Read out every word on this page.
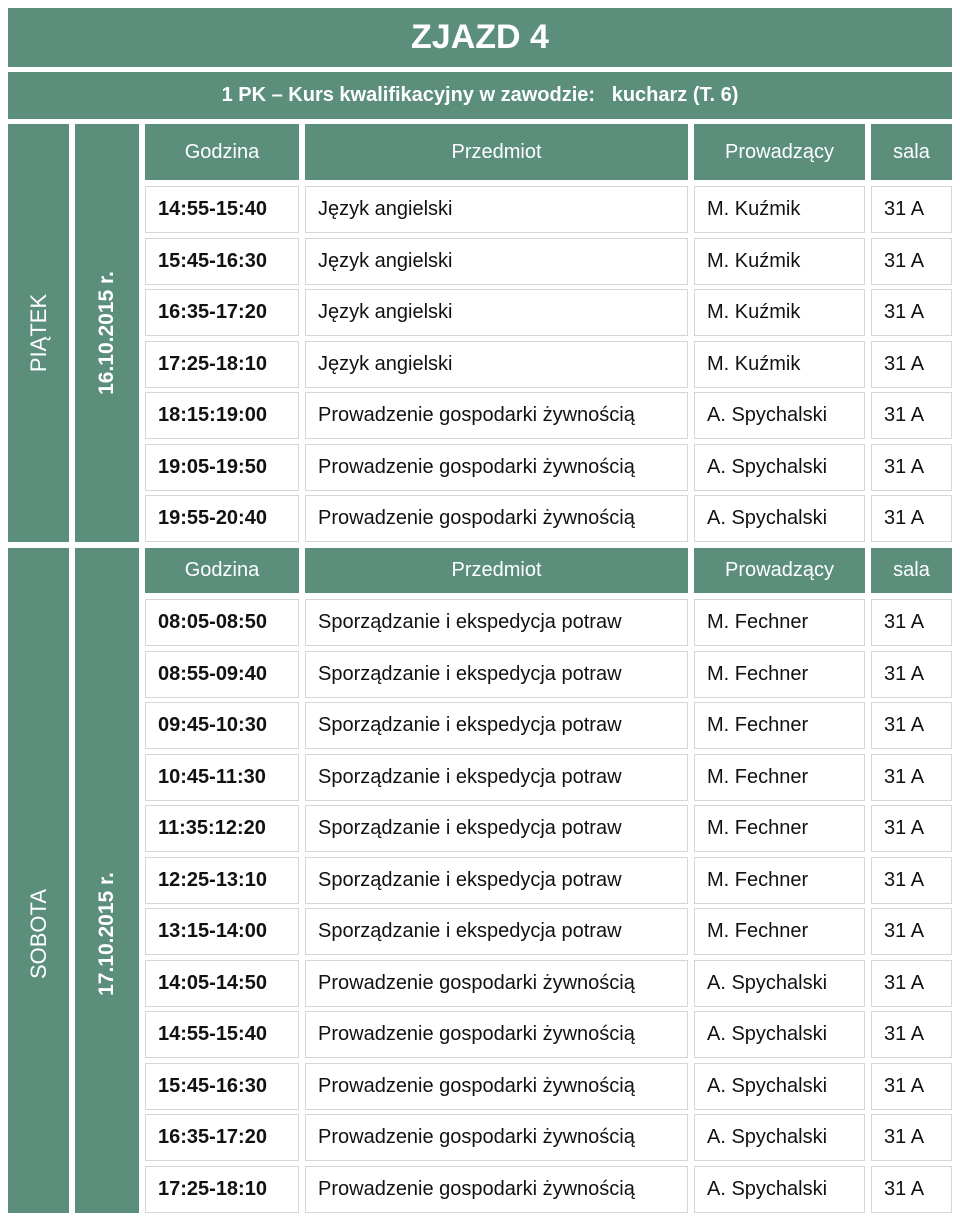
ZJAZD 4
1 PK – Kurs kwalifikacyjny w zawodzie:   kucharz (T. 6)
PIĄTEK 16.10.2015 r.
SOBOTA 17.10.2015 r.
Godzina	Przedmiot	Prowadzący	sala
Godzina	Przedmiot	Prowadzący	sala
14:55-15:40	Język angielski	M. Kuźmik	31 A
15:45-16:30	Język angielski	M. Kuźmik	31 A
16:35-17:20	Język angielski	M. Kuźmik	31 A
17:25-18:10	Język angielski	M. Kuźmik	31 A
18:15:19:00	Prowadzenie gospodarki żywnością	A. Spychalski	31 A
19:05-19:50	Prowadzenie gospodarki żywnością	A. Spychalski	31 A
19:55-20:40	Prowadzenie gospodarki żywnością	A. Spychalski	31 A
08:05-08:50	Sporządzanie i ekspedycja potraw	M. Fechner	31 A
08:55-09:40	Sporządzanie i ekspedycja potraw	M. Fechner	31 A
09:45-10:30	Sporządzanie i ekspedycja potraw	M. Fechner	31 A
10:45-11:30	Sporządzanie i ekspedycja potraw	M. Fechner	31 A
11:35:12:20	Sporządzanie i ekspedycja potraw	M. Fechner	31 A
12:25-13:10	Sporządzanie i ekspedycja potraw	M. Fechner	31 A
13:15-14:00	Sporządzanie i ekspedycja potraw	M. Fechner	31 A
14:05-14:50	Prowadzenie gospodarki żywnością	A. Spychalski	31 A
14:55-15:40	Prowadzenie gospodarki żywnością	A. Spychalski	31 A
15:45-16:30	Prowadzenie gospodarki żywnością	A. Spychalski	31 A
16:35-17:20	Prowadzenie gospodarki żywnością	A. Spychalski	31 A
17:25-18:10	Prowadzenie gospodarki żywnością	A. Spychalski	31 A
